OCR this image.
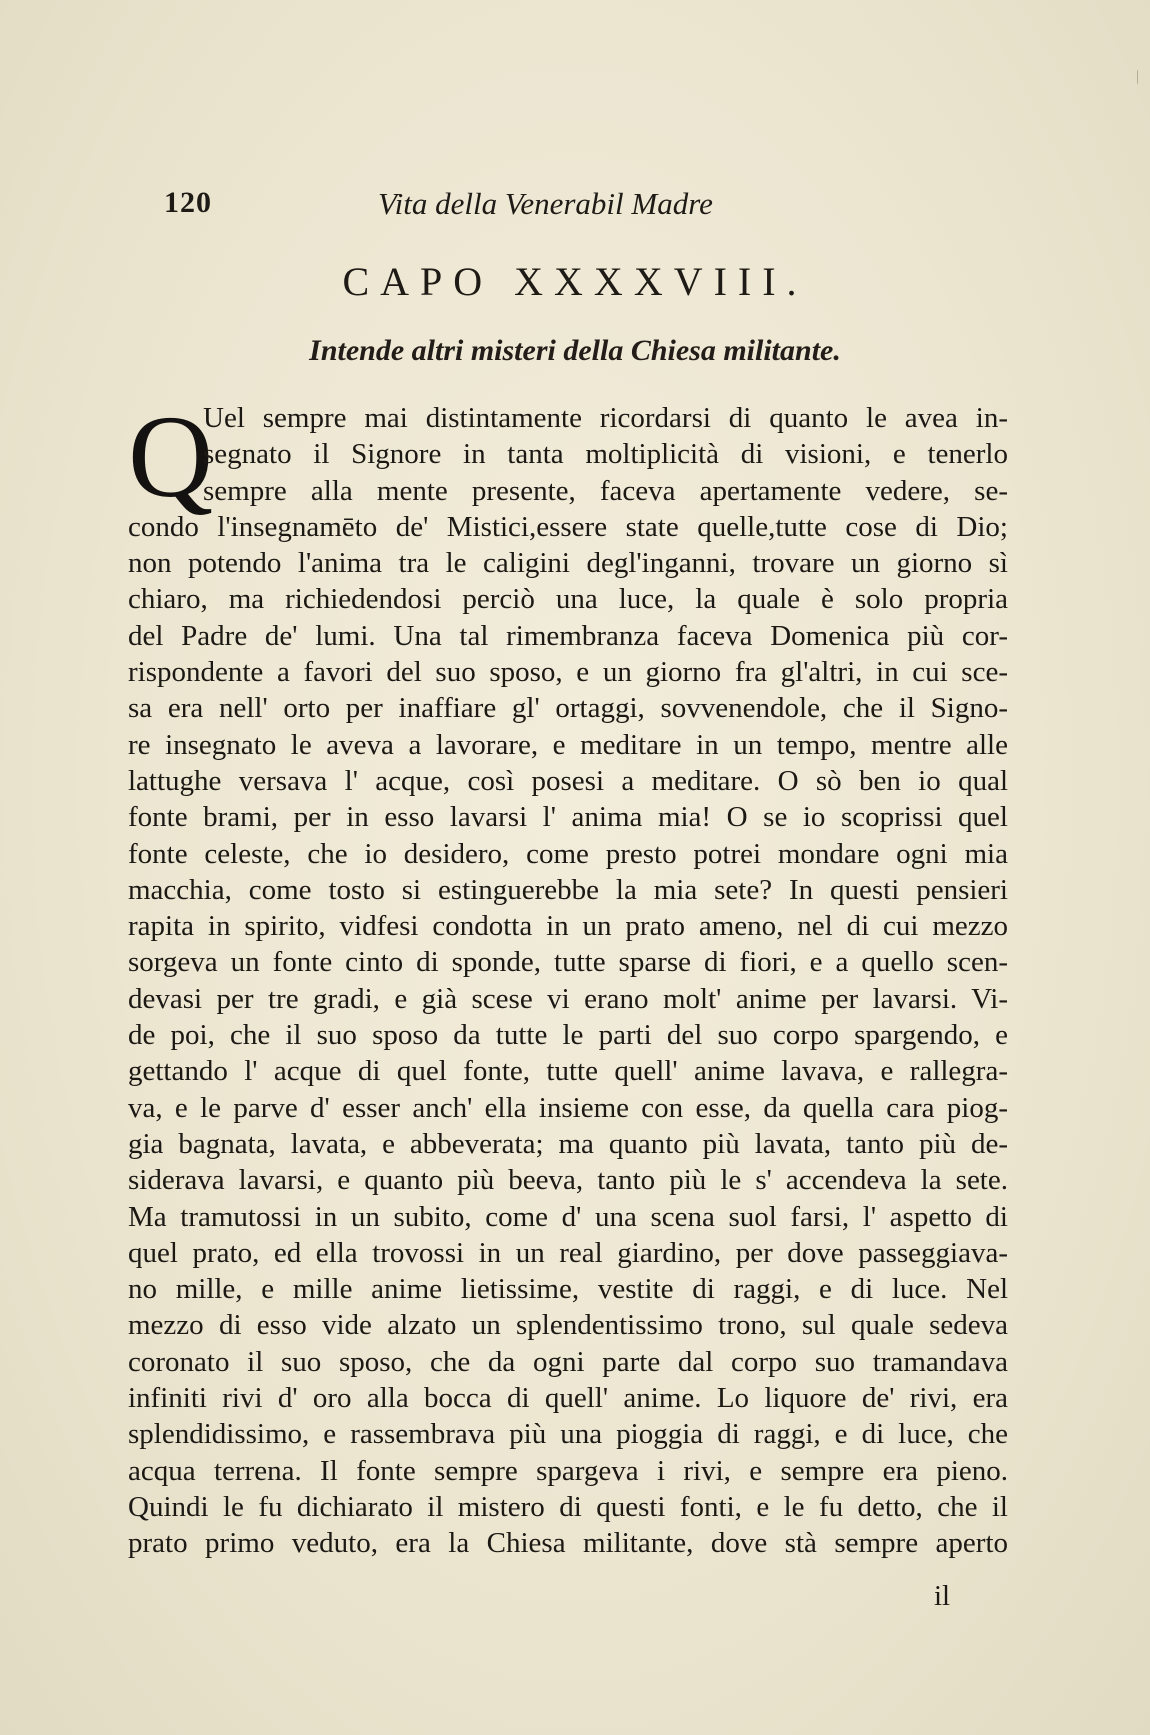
120	Vita della Venerabil Madre
CAPO XXXXVIII.
Intende altri misteri della Chiesa militante.
Q
Uel sempre mai distintamente ricordarsi di quanto le avea in-
segnato il Signore in tanta moltiplicità di visioni, e tenerlo
sempre alla mente presente, faceva apertamente vedere, se-
condo l'insegnamēto de' Mistici,essere state quelle,tutte cose di Dio;
non potendo l'anima tra le caligini degl'inganni, trovare un giorno sì
chiaro, ma richiedendosi perciò una luce, la quale è solo propria
del Padre de' lumi. Una tal rimembranza faceva Domenica più cor-
rispondente a favori del suo sposo, e un giorno fra gl'altri, in cui sce-
sa era nell' orto per inaffiare gl' ortaggi, sovvenendole, che il Signo-
re insegnato le aveva a lavorare, e meditare in un tempo, mentre alle
lattughe versava l' acque, così posesi a meditare. O sò ben io qual
fonte brami, per in esso lavarsi l' anima mia! O se io scoprissi quel
fonte celeste, che io desidero, come presto potrei mondare ogni mia
macchia, come tosto si estinguerebbe la mia sete? In questi pensieri
rapita in spirito, vidfesi condotta in un prato ameno, nel di cui mezzo
sorgeva un fonte cinto di sponde, tutte sparse di fiori, e a quello scen-
devasi per tre gradi, e già scese vi erano molt' anime per lavarsi. Vi-
de poi, che il suo sposo da tutte le parti del suo corpo spargendo, e
gettando l' acque di quel fonte, tutte quell' anime lavava, e rallegra-
va, e le parve d' esser anch' ella insieme con esse, da quella cara piog-
gia bagnata, lavata, e abbeverata; ma quanto più lavata, tanto più de-
siderava lavarsi, e quanto più beeva, tanto più le s' accendeva la sete.
Ma tramutossi in un subito, come d' una scena suol farsi, l' aspetto di
quel prato, ed ella trovossi in un real giardino, per dove passeggiava-
no mille, e mille anime lietissime, vestite di raggi, e di luce. Nel
mezzo di esso vide alzato un splendentissimo trono, sul quale sedeva
coronato il suo sposo, che da ogni parte dal corpo suo tramandava
infiniti rivi d' oro alla bocca di quell' anime. Lo liquore de' rivi, era
splendidissimo, e rassembrava più una pioggia di raggi, e di luce, che
acqua terrena. Il fonte sempre spargeva i rivi, e sempre era pieno.
Quindi le fu dichiarato il mistero di questi fonti, e le fu detto, che il
prato primo veduto, era la Chiesa militante, dove stà sempre aperto
il
